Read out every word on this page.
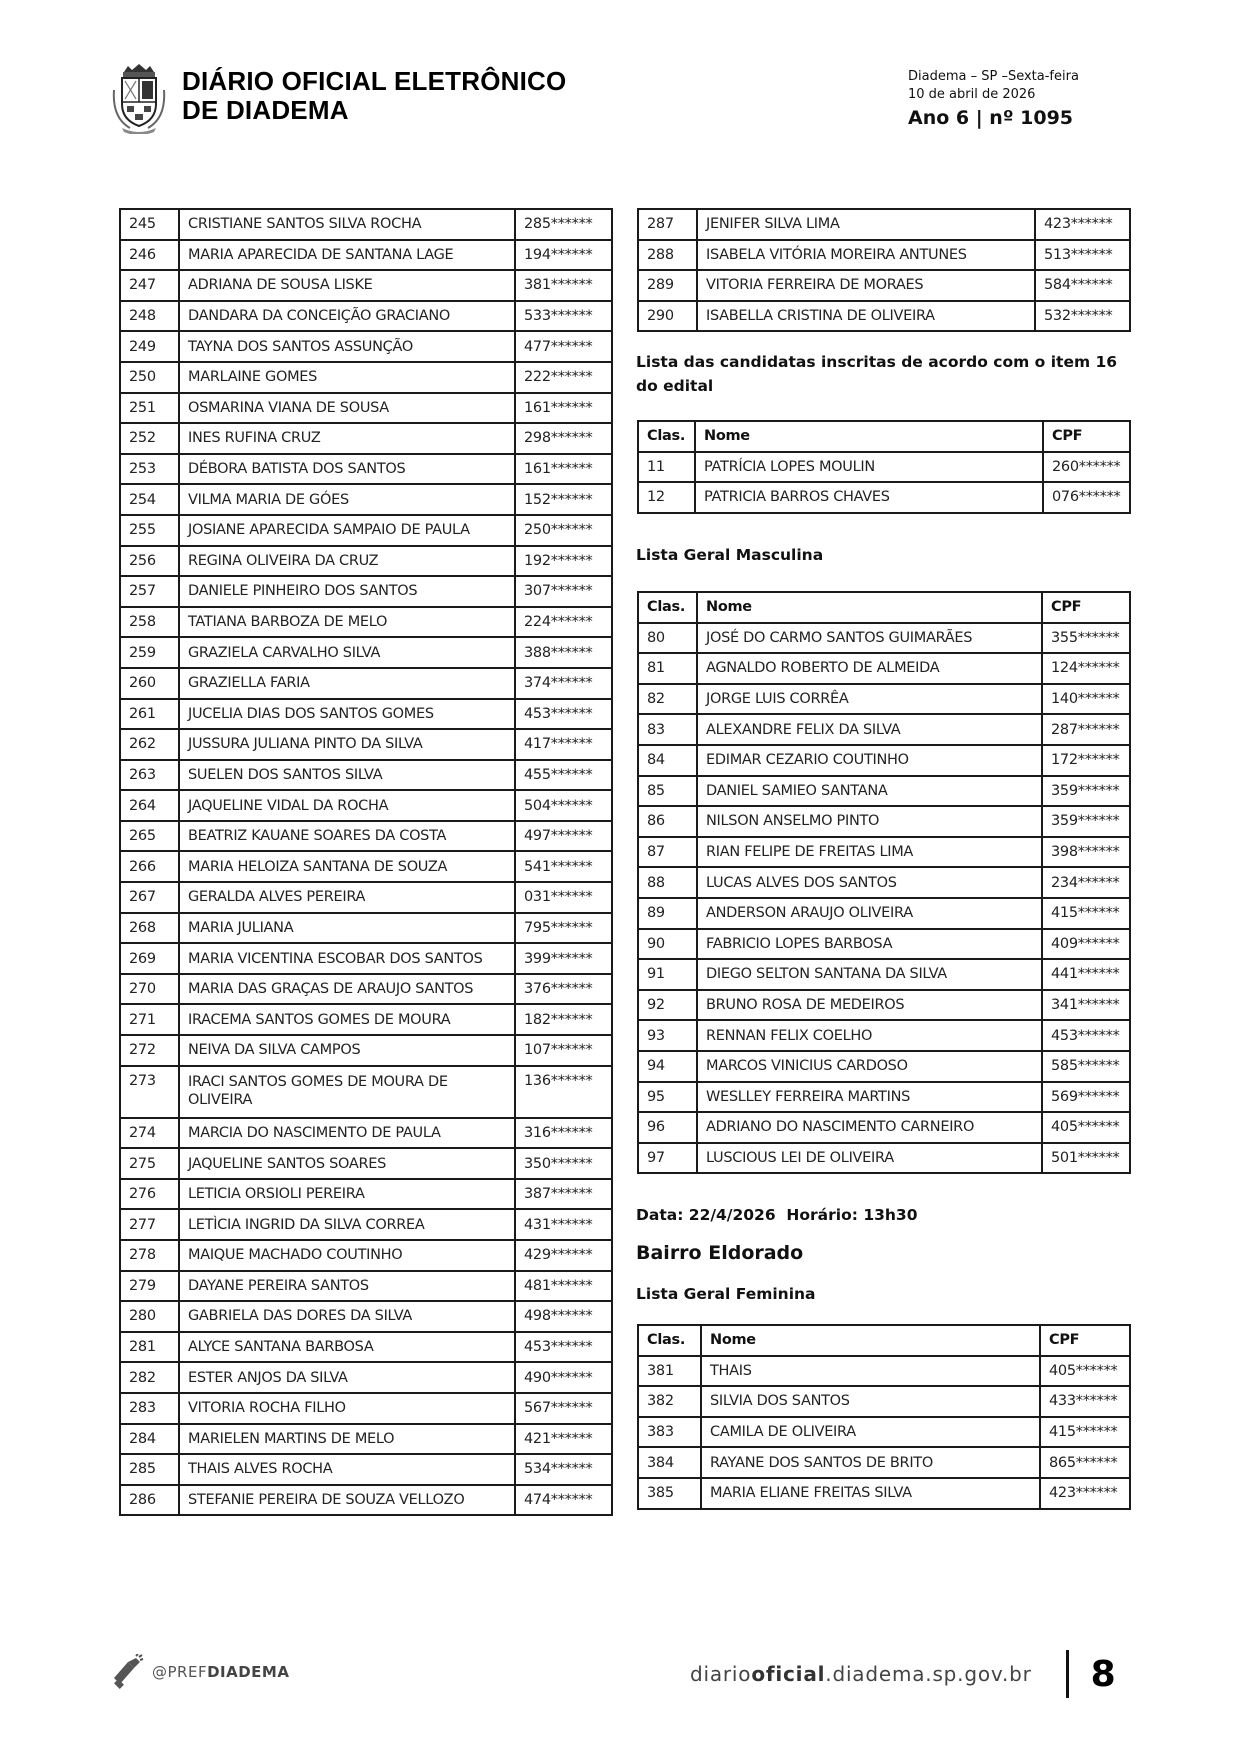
DIÁRIO OFICIAL ELETRÔNICO
DE DIADEMA
Diadema – SP –Sexta-feira
10 de abril de 2026
Ano 6 | nº 1095
245	CRISTIANE SANTOS SILVA ROCHA	285******
246	MARIA APARECIDA DE SANTANA LAGE	194******
247	ADRIANA DE SOUSA LISKE	381******
248	DANDARA DA CONCEIÇÃO GRACIANO	533******
249	TAYNA DOS SANTOS ASSUNÇÃO	477******
250	MARLAINE GOMES	222******
251	OSMARINA VIANA DE SOUSA	161******
252	INES RUFINA CRUZ	298******
253	DÉBORA BATISTA DOS SANTOS	161******
254	VILMA MARIA DE GÓES	152******
255	JOSIANE APARECIDA SAMPAIO DE PAULA	250******
256	REGINA OLIVEIRA DA CRUZ	192******
257	DANIELE PINHEIRO DOS SANTOS	307******
258	TATIANA BARBOZA DE MELO	224******
259	GRAZIELA CARVALHO SILVA	388******
260	GRAZIELLA FARIA	374******
261	JUCELIA DIAS DOS SANTOS GOMES	453******
262	JUSSURA JULIANA PINTO DA SILVA	417******
263	SUELEN DOS SANTOS SILVA	455******
264	JAQUELINE VIDAL DA ROCHA	504******
265	BEATRIZ KAUANE SOARES DA COSTA	497******
266	MARIA HELOIZA SANTANA DE SOUZA	541******
267	GERALDA ALVES PEREIRA	031******
268	MARIA JULIANA	795******
269	MARIA VICENTINA ESCOBAR DOS SANTOS	399******
270	MARIA DAS GRAÇAS DE ARAUJO SANTOS	376******
271	IRACEMA SANTOS GOMES DE MOURA	182******
272	NEIVA DA SILVA CAMPOS	107******
273	IRACI SANTOS GOMES DE MOURA DE OLIVEIRA	136******
274	MARCIA DO NASCIMENTO DE PAULA	316******
275	JAQUELINE SANTOS SOARES	350******
276	LETICIA ORSIOLI PEREIRA	387******
277	LETÌCIA INGRID DA SILVA CORREA	431******
278	MAIQUE MACHADO COUTINHO	429******
279	DAYANE PEREIRA SANTOS	481******
280	GABRIELA DAS DORES DA SILVA	498******
281	ALYCE SANTANA BARBOSA	453******
282	ESTER ANJOS DA SILVA	490******
283	VITORIA ROCHA FILHO	567******
284	MARIELEN MARTINS DE MELO	421******
285	THAIS ALVES ROCHA	534******
286	STEFANIE PEREIRA DE SOUZA VELLOZO	474******
287	JENIFER SILVA LIMA	423******
288	ISABELA VITÓRIA MOREIRA ANTUNES	513******
289	VITORIA FERREIRA DE MORAES	584******
290	ISABELLA CRISTINA DE OLIVEIRA	532******
Lista das candidatas inscritas de acordo com o item 16 do edital
Clas.	Nome	CPF
11	PATRÍCIA LOPES MOULIN	260******
12	PATRICIA BARROS CHAVES	076******
Lista Geral Masculina
Clas.	Nome	CPF
80	JOSÉ DO CARMO SANTOS GUIMARÃES	355******
81	AGNALDO ROBERTO DE ALMEIDA	124******
82	JORGE LUIS CORRÊA	140******
83	ALEXANDRE FELIX DA SILVA	287******
84	EDIMAR CEZARIO COUTINHO	172******
85	DANIEL SAMIEO SANTANA	359******
86	NILSON ANSELMO PINTO	359******
87	RIAN FELIPE DE FREITAS LIMA	398******
88	LUCAS ALVES DOS SANTOS	234******
89	ANDERSON ARAUJO OLIVEIRA	415******
90	FABRICIO LOPES BARBOSA	409******
91	DIEGO SELTON SANTANA DA SILVA	441******
92	BRUNO ROSA DE MEDEIROS	341******
93	RENNAN FELIX COELHO	453******
94	MARCOS VINICIUS CARDOSO	585******
95	WESLLEY FERREIRA MARTINS	569******
96	ADRIANO DO NASCIMENTO CARNEIRO	405******
97	LUSCIOUS LEI DE OLIVEIRA	501******
Data: 22/4/2026  Horário: 13h30
Bairro Eldorado
Lista Geral Feminina
Clas.	Nome	CPF
381	THAIS	405******
382	SILVIA DOS SANTOS	433******
383	CAMILA DE OLIVEIRA	415******
384	RAYANE DOS SANTOS DE BRITO	865******
385	MARIA ELIANE FREITAS SILVA	423******
@PREFDIADEMA	diariooficial.diadema.sp.gov.br 8
